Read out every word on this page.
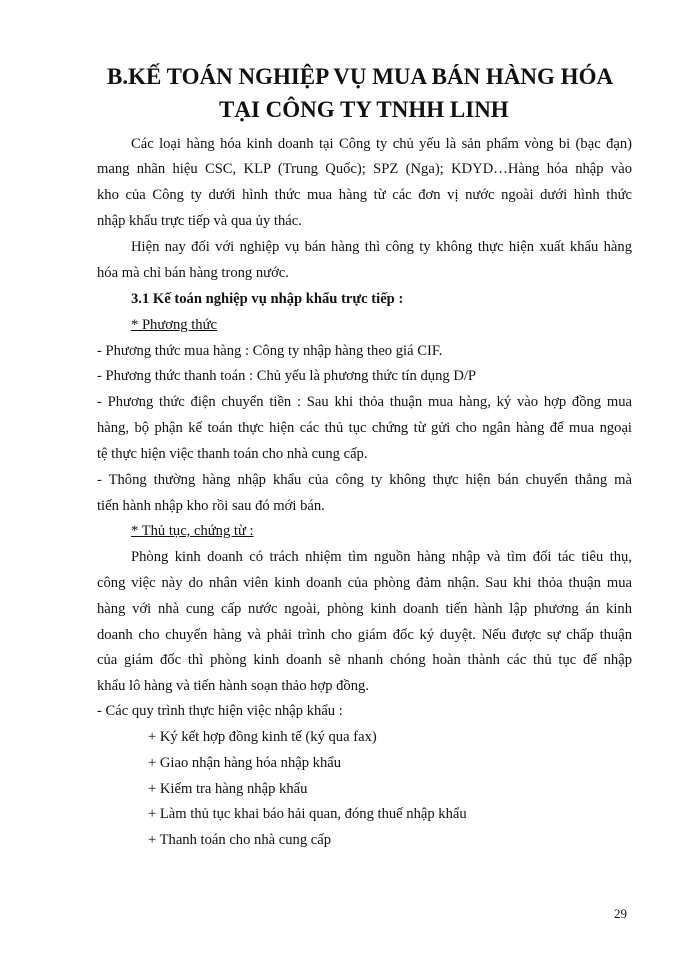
B.KẾ TOÁN NGHIỆP VỤ MUA BÁN HÀNG HÓA
TẠI CÔNG TY TNHH LINH
Các loại hàng hóa kinh doanh tại Công ty chủ yếu là sản phẩm vòng bi (bạc đạn)
mang nhãn hiệu CSC, KLP (Trung Quốc); SPZ (Nga); KDYD…Hàng hóa nhập vào
kho của Công ty dưới hình thức mua hàng từ các đơn vị nước ngoài dưới hình thức
nhập khẩu trực tiếp và qua ủy thác.
Hiện nay đối với nghiệp vụ bán hàng thì công ty không thực hiện xuất khẩu hàng
hóa mà chỉ bán hàng trong nước.
3.1 Kế toán nghiệp vụ nhập khẩu trực tiếp :
* Phương thức
- Phương thức mua hàng : Công ty nhập hàng theo giá CIF.
- Phương thức thanh toán : Chủ yếu là phương thức tín dụng D/P
- Phương thức điện chuyển tiền : Sau khi thỏa thuận mua hàng, ký vào hợp đồng mua
hàng, bộ phận kế toán thực hiện các thủ tục chứng từ gửi cho ngân hàng để mua ngoại
tệ thực hiện việc thanh toán cho nhà cung cấp.
- Thông thường hàng nhập khẩu của công ty không thực hiện bán chuyển thẳng mà
tiến hành nhập kho rồi sau đó mới bán.
* Thủ tục, chứng từ :
Phòng kinh doanh có trách nhiệm tìm nguồn hàng nhập và tìm đối tác tiêu thụ,
công việc này do nhân viên kinh doanh của phòng đảm nhận. Sau khi thỏa thuận mua
hàng với nhà cung cấp nước ngoài, phòng kinh doanh tiến hành lập phương án kinh
doanh cho chuyến hàng và phải trình cho giám đốc ký duyệt. Nếu được sự chấp thuận
của giám đốc thì phòng kinh doanh sẽ nhanh chóng hoàn thành các thủ tục để nhập
khẩu lô hàng và tiến hành soạn thảo hợp đồng.
- Các quy trình thực hiện việc nhập khẩu :
+ Ký kết hợp đồng kinh tế (ký qua fax)
+ Giao nhận hàng hóa nhập khẩu
+ Kiểm tra hàng nhập khẩu
+ Làm thủ tục khai báo hải quan, đóng thuế nhập khẩu
+ Thanh toán cho nhà cung cấp
29
